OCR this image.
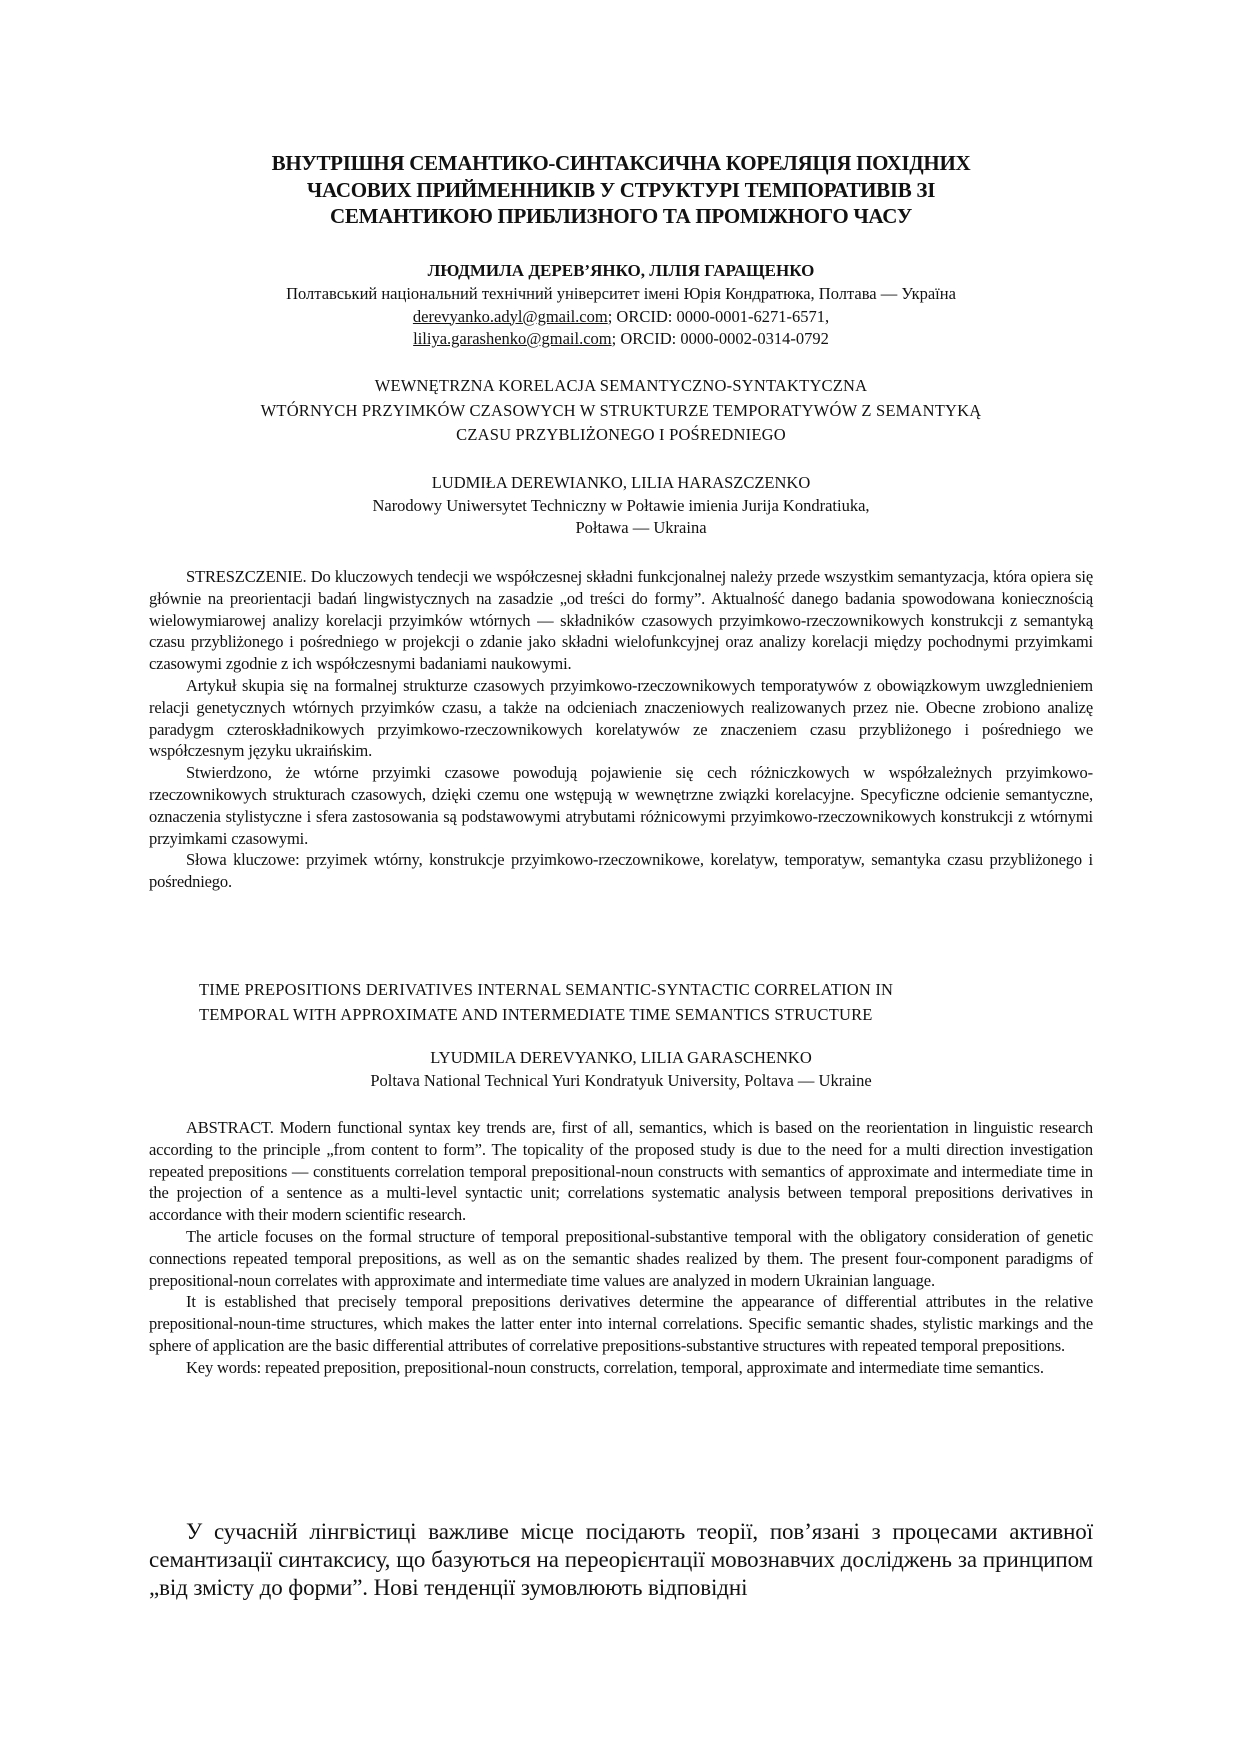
ВНУТРІШНЯ СЕМАНТИКО-СИНТАКСИЧНА КОРЕЛЯЦІЯ ПОХІДНИХ
ЧАСОВИХ ПРИЙМЕННИКІВ У СТРУКТУРІ ТЕМПОРАТИВІВ ЗІ
СЕМАНТИКОЮ ПРИБЛИЗНОГО ТА ПРОМІЖНОГО ЧАСУ
ЛЮДМИЛА ДЕРЕВ’ЯНКО, ЛІЛІЯ ГАРАЩЕНКО
Полтавський національний технічний університет імені Юрія Кондратюка, Полтава — Україна
derevyanko.adyl@gmail.com; ORCID: 0000-0001-6271-6571,
liliya.garashenko@gmail.com; ORCID: 0000-0002-0314-0792
WEWNĘTRZNA KORELACJA SEMANTYCZNO-SYNTAKTYCZNA
WTÓRNYCH PRZYIMKÓW CZASOWYCH W STRUKTURZE TEMPORATYWÓW Z SEMANTYKĄ
CZASU PRZYBLIŻONEGO I POŚREDNIEGO
LUDMIŁA DEREWIANKO, LILIA HARASZCZENKO
Narodowy Uniwersytet Techniczny w Połtawie imienia Jurija Kondratiuka,
Połtawa — Ukraina

STRESZCZENIE. Do kluczowych tendecji we współczesnej składni funkcjonalnej należy przede wszystkim semantyzacja, która opiera się głównie na preorientacji badań lingwistycznych na zasadzie „od treści do formy”. Aktualność danego badania spowodowana koniecznością wielowymiarowej analizy korelacji przyimków wtórnych — składników czasowych przyimkowo-rzeczownikowych konstrukcji z semantyką czasu przybliżonego i pośredniego w projekcji o zdanie jako składni wielofunkcyjnej oraz analizy korelacji między pochodnymi przyimkami czasowymi zgodnie z ich współczesnymi badaniami naukowymi.

Artykuł skupia się na formalnej strukturze czasowych przyimkowo-rzeczownikowych temporatywów z obowiązkowym uwzglednieniem relacji genetycznych wtórnych przyimków czasu, a także na odcieniach znaczeniowych realizowanych przez nie. Obecne zrobiono analizę paradygm czteroskładnikowych przyimkowo-rzeczownikowych korelatywów ze znaczeniem czasu przybliżonego i pośredniego we współczesnym języku ukraińskim.

Stwierdzono, że wtórne przyimki czasowe powodują pojawienie się cech różniczkowych w współzależnych przyimkowo-rzeczownikowych strukturach czasowych, dzięki czemu one wstępują w wewnętrzne związki korelacyjne. Specyficzne odcienie semantyczne, oznaczenia stylistyczne i sfera zastosowania są podstawowymi atrybutami różnicowymi przyimkowo-rzeczownikowych konstrukcji z wtórnymi przyimkami czasowymi.

Słowa kluczowe: przyimek wtórny, konstrukcje przyimkowo-rzeczownikowe, korelatyw, temporatyw, semantyka czasu przybliżonego i pośredniego.

TIME PREPOSITIONS DERIVATIVES INTERNAL SEMANTIC-SYNTACTIC CORRELATION IN
TEMPORAL WITH APPROXIMATE AND INTERMEDIATE TIME SEMANTICS STRUCTURE
LYUDMILA DEREVYANKO, LILIA GARASCHENKO
Poltava National Technical Yuri Kondratyuk University, Poltava — Ukraine

ABSTRACT. Modern functional syntax key trends are, first of all, semantics, which is based on the reorientation in linguistic research according to the principle „from content to form”. The topicality of the proposed study is due to the need for a multi direction investigation repeated prepositions — constituents correlation temporal prepositional-noun constructs with semantics of approximate and intermediate time in the projection of a sentence as a multi-level syntactic unit; correlations systematic analysis between temporal prepositions derivatives in accordance with their modern scientific research.

The article focuses on the formal structure of temporal prepositional-substantive temporal with the obligatory consideration of genetic connections repeated temporal prepositions, as well as on the semantic shades realized by them. The present four-component paradigms of prepositional-noun correlates with approximate and intermediate time values are analyzed in modern Ukrainian language.

It is established that precisely temporal prepositions derivatives determine the appearance of differential attributes in the relative prepositional-noun-time structures, which makes the latter enter into internal correlations. Specific semantic shades, stylistic markings and the sphere of application are the basic differential attributes of correlative prepositions-substantive structures with repeated temporal prepositions.

Key words: repeated preposition, prepositional-noun constructs, correlation, temporal, approximate and intermediate time semantics.

У сучасній лінгвістиці важливе місце посідають теорії, пов’язані з процесами активної семантизації синтаксису, що базуються на переорієнтації мовознавчих досліджень за принципом „від змісту до форми”. Нові тенденції зумовлюють відповідні
